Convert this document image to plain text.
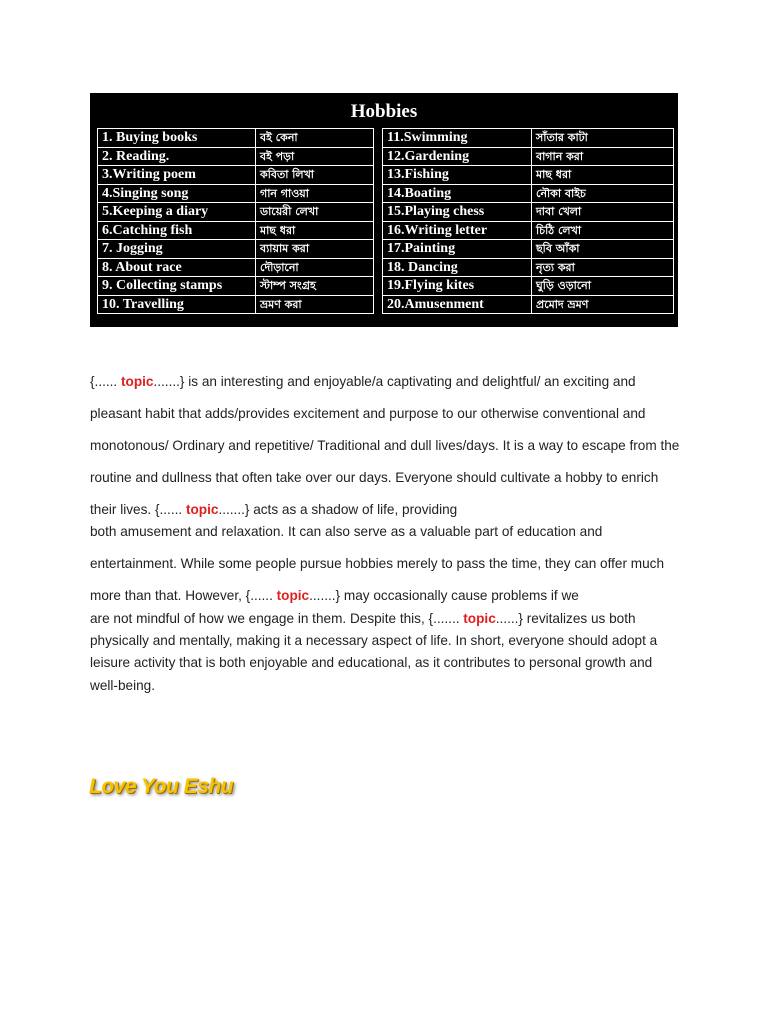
Hobbies
1. Buying books	বই কেনা
2. Reading.	বই পড়া
3.Writing poem	কবিতা লিখা
4.Singing song	গান গাওয়া
5.Keeping a diary	ডায়েরী লেখা
6.Catching fish	মাছ ধরা
7. Jogging	ব্যায়াম করা
8. About race	দৌড়ানো
9. Collecting stamps	স্টাম্প সংগ্রহ
10. Travelling	ভ্রমণ করা
11.Swimming	সাঁতার কাটা
12.Gardening	বাগান করা
13.Fishing	মাছ ধরা
14.Boating	নৌকা বাইচ
15.Playing chess	দাবা খেলা
16.Writing letter	চিঠি লেখা
17.Painting	ছবি আঁকা
18. Dancing	নৃত্য করা
19.Flying kites	ঘুড়ি ওড়ানো
20.Amusenment	প্রমোদ ভ্রমণ

{...... topic.......} is an interesting and enjoyable/a captivating and delightful/ an exciting and pleasant habit that adds/provides excitement and purpose to our otherwise conventional and monotonous/ Ordinary and repetitive/ Traditional and dull lives/days. It is a way to escape from the routine and dullness that often take over our days. Everyone should cultivate a hobby to enrich their lives. {...... topic.......} acts as a shadow of life, providing

both amusement and relaxation. It can also serve as a valuable part of education and entertainment. While some people pursue hobbies merely to pass the time, they can offer much more than that. However, {...... topic.......} may occasionally cause problems if we

are not mindful of how we engage in them. Despite this, {....... topic......} revitalizes us both physically and mentally, making it a necessary aspect of life. In short, everyone should adopt a leisure activity that is both enjoyable and educational, as it contributes to personal growth and well-being.

Love You Eshu
